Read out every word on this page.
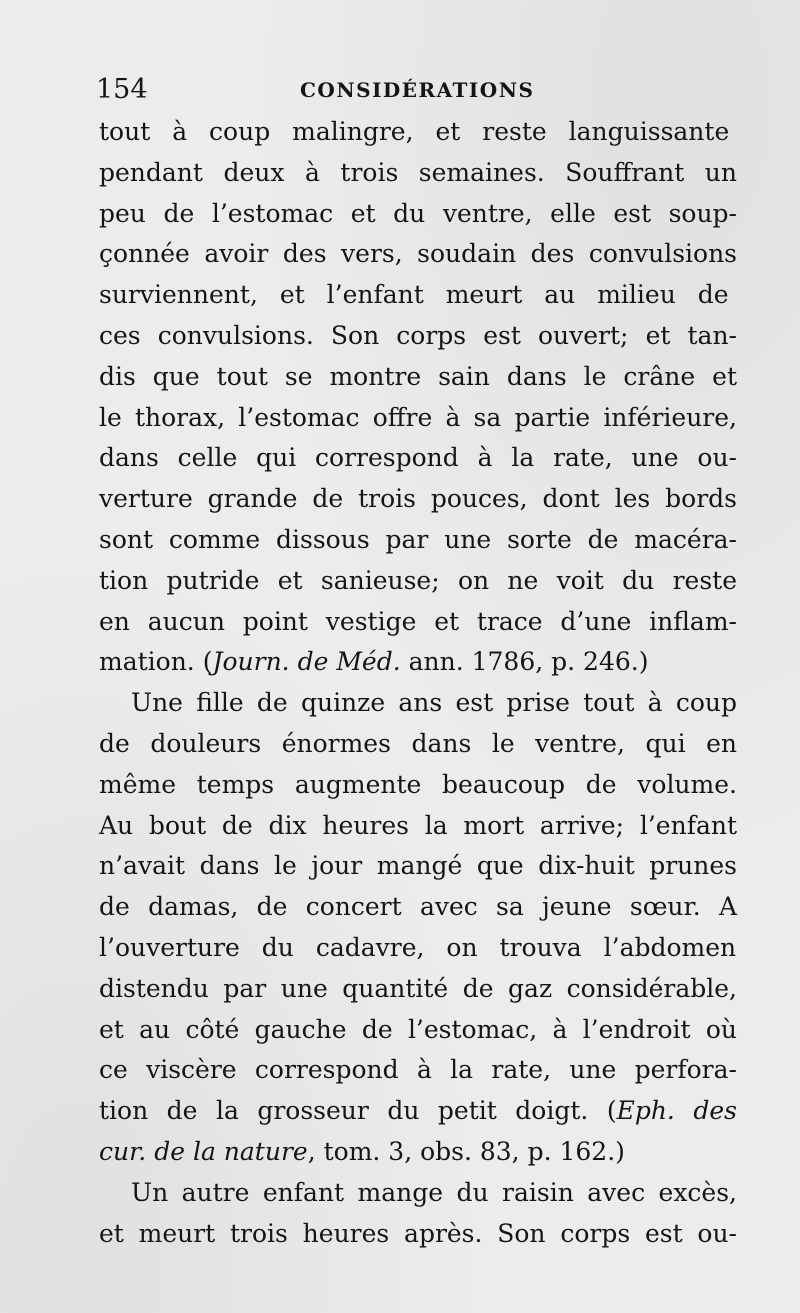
154	CONSIDÉRATIONS
tout à coup malingre, et reste languissante
pendant deux à trois semaines. Souffrant un
peu de l’estomac et du ventre, elle est soup-
çonnée avoir des vers, soudain des convulsions
surviennent, et l’enfant meurt au milieu de
ces convulsions. Son corps est ouvert; et tan-
dis que tout se montre sain dans le crâne et
le thorax, l’estomac offre à sa partie inférieure,
dans celle qui correspond à la rate, une ou-
verture grande de trois pouces, dont les bords
sont comme dissous par une sorte de macéra-
tion putride et sanieuse; on ne voit du reste
en aucun point vestige et trace d’une inflam-
mation. (Journ. de Méd. ann. 1786, p. 246.)
Une fille de quinze ans est prise tout à coup
de douleurs énormes dans le ventre, qui en
même temps augmente beaucoup de volume.
Au bout de dix heures la mort arrive; l’enfant
n’avait dans le jour mangé que dix-huit prunes
de damas, de concert avec sa jeune sœur. A
l’ouverture du cadavre, on trouva l’abdomen
distendu par une quantité de gaz considérable,
et au côté gauche de l’estomac, à l’endroit où
ce viscère correspond à la rate, une perfora-
tion de la grosseur du petit doigt. (Eph. des
cur. de la nature, tom. 3, obs. 83, p. 162.)
Un autre enfant mange du raisin avec excès,
et meurt trois heures après. Son corps est ou-
